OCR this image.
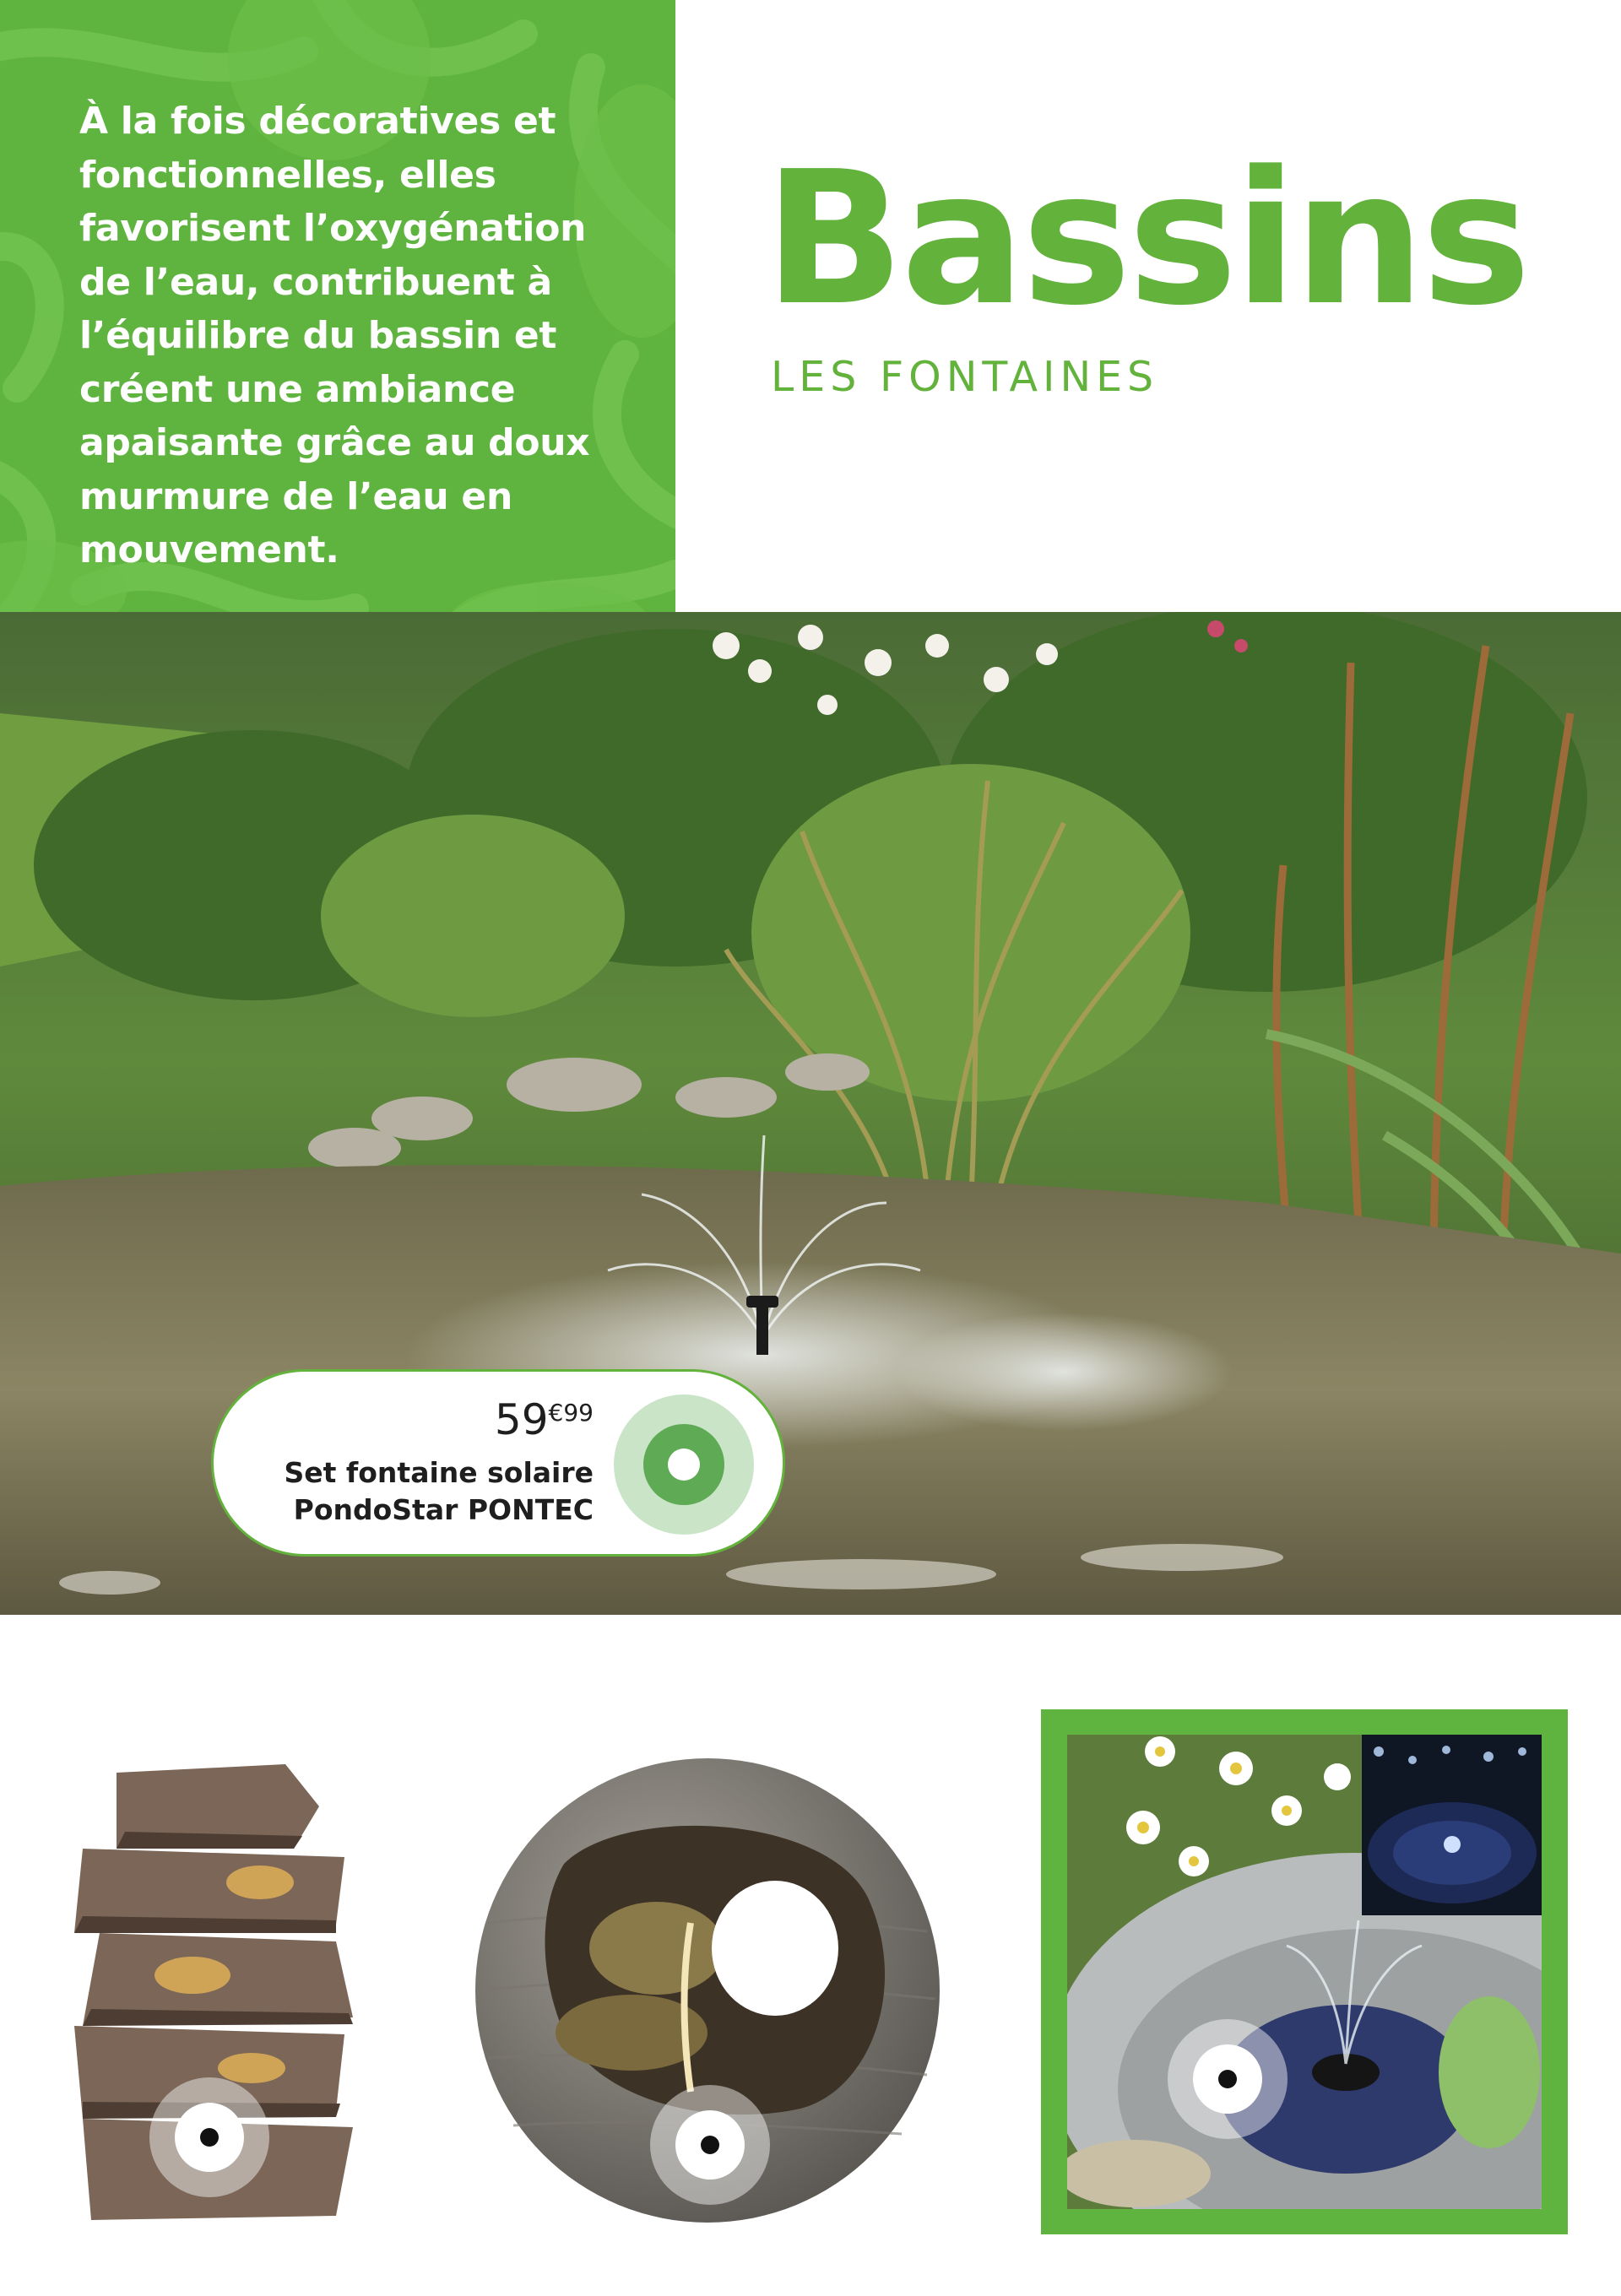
À la fois décoratives et fonctionnelles, elles favorisent l’oxygénation de l’eau, contribuent à l’équilibre du bassin et créent une ambiance apaisante grâce au doux murmure de l’eau en mouvement.
Bassins
LES FONTAINES
$59^{€99}$
Set fontaine solaire
PondoStar PONTEC
